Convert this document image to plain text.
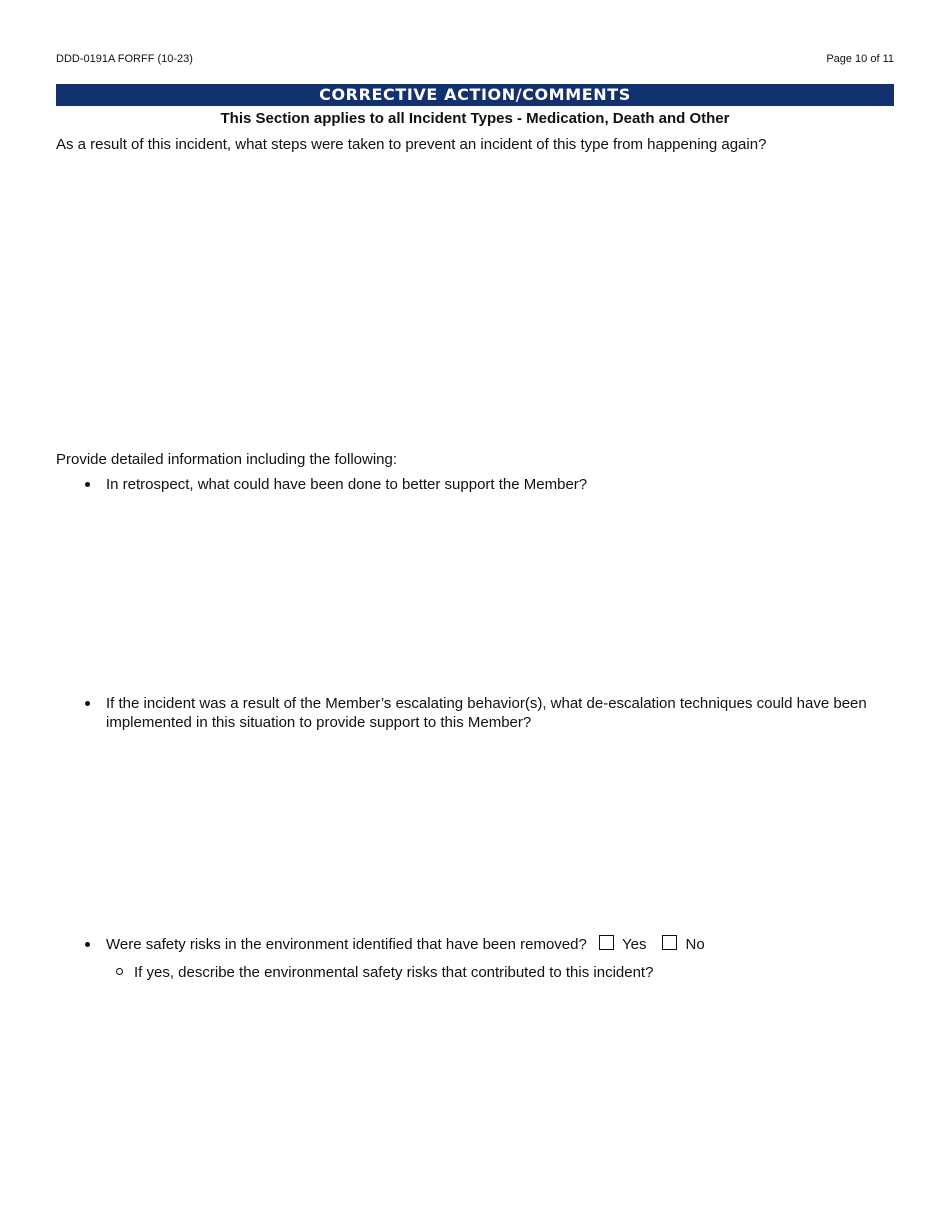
DDD-0191A FORFF (10-23)	Page 10 of 11
CORRECTIVE ACTION/COMMENTS
This Section applies to all Incident Types - Medication, Death and Other
As a result of this incident, what steps were taken to prevent an incident of this type from happening again?
Provide detailed information including the following:
In retrospect, what could have been done to better support the Member?
If the incident was a result of the Member’s escalating behavior(s), what de-escalation techniques could have been implemented in this situation to provide support to this Member?
Were safety risks in the environment identified that have been removed? Yes	No
If yes, describe the environmental safety risks that contributed to this incident?
